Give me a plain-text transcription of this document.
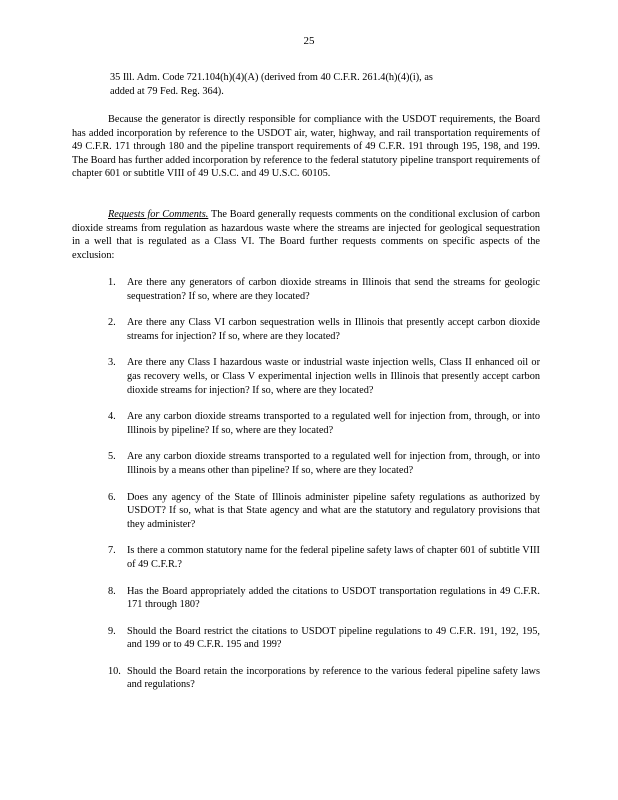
25

35 Ill. Adm. Code 721.104(h)(4)(A) (derived from 40 C.F.R. 261.4(h)(4)(i), as
added at 79 Fed. Reg. 364).

Because the generator is directly responsible for compliance with the USDOT requirements, the Board has added incorporation by reference to the USDOT air, water, highway, and rail transportation requirements of 49 C.F.R. 171 through 180 and the pipeline transport requirements of 49 C.F.R. 191 through 195, 198, and 199. The Board has further added incorporation by reference to the federal statutory pipeline transport requirements of chapter 601 or subtitle VIII of 49 U.S.C. and 49 U.S.C. 60105.

Requests for Comments. The Board generally requests comments on the conditional exclusion of carbon dioxide streams from regulation as hazardous waste where the streams are injected for geological sequestration in a well that is regulated as a Class VI. The Board further requests comments on specific aspects of the exclusion:

1.	Are there any generators of carbon dioxide streams in Illinois that send the streams for geologic sequestration? If so, where are they located?
2.	Are there any Class VI carbon sequestration wells in Illinois that presently accept carbon dioxide streams for injection? If so, where are they located?
3.	Are there any Class I hazardous waste or industrial waste injection wells, Class II enhanced oil or gas recovery wells, or Class V experimental injection wells in Illinois that presently accept carbon dioxide streams for injection? If so, where are they located?
4.	Are any carbon dioxide streams transported to a regulated well for injection from, through, or into Illinois by pipeline? If so, where are they located?
5.	Are any carbon dioxide streams transported to a regulated well for injection from, through, or into Illinois by a means other than pipeline? If so, where are they located?
6.	Does any agency of the State of Illinois administer pipeline safety regulations as authorized by USDOT? If so, what is that State agency and what are the statutory and regulatory provisions that they administer?
7.	Is there a common statutory name for the federal pipeline safety laws of chapter 601 of subtitle VIII of 49 C.F.R.?
8.	Has the Board appropriately added the citations to USDOT transportation regulations in 49 C.F.R. 171 through 180?
9.	Should the Board restrict the citations to USDOT pipeline regulations to 49 C.F.R. 191, 192, 195, and 199 or to 49 C.F.R. 195 and 199?
10. Should the Board retain the incorporations by reference to the various federal pipeline safety laws and regulations?
